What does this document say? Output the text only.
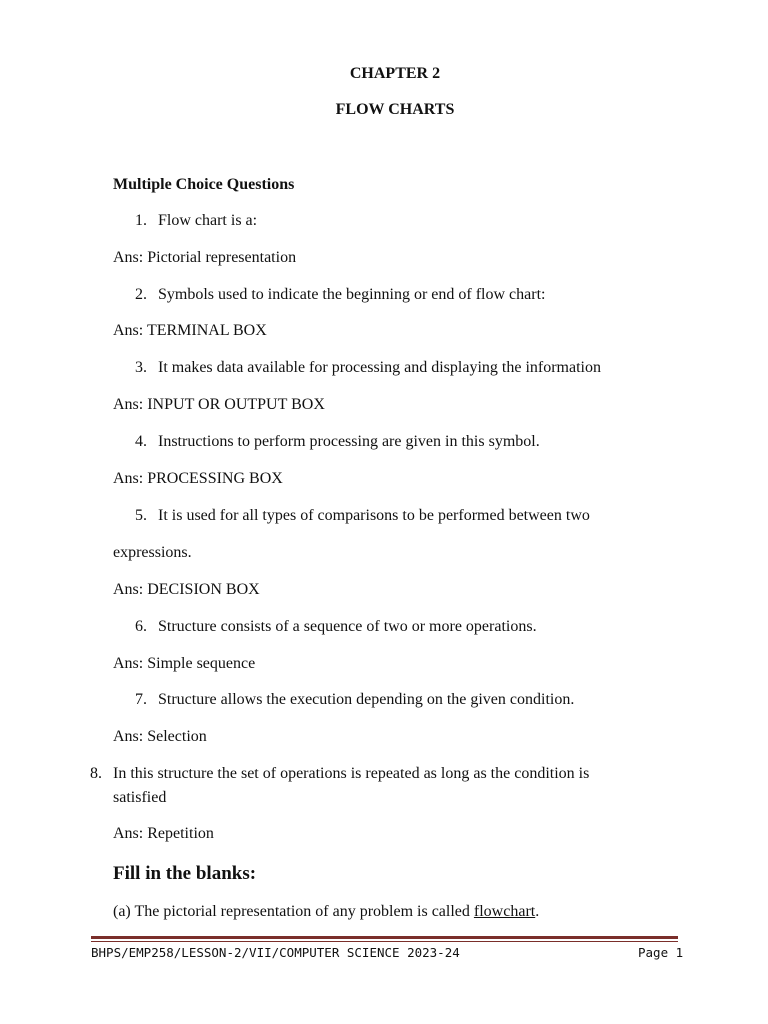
CHAPTER 2
FLOW CHARTS
Multiple Choice Questions
1. Flow chart is a:
Ans: Pictorial representation
2. Symbols used to indicate the beginning or end of flow chart:
Ans: TERMINAL BOX
3. It makes data available for processing and displaying the information
Ans: INPUT OR OUTPUT BOX
4. Instructions to perform processing are given in this symbol.
Ans: PROCESSING BOX
5. It is used for all types of comparisons to be performed between two
expressions.
Ans: DECISION BOX
6. Structure consists of a sequence of two or more operations.
Ans: Simple sequence
7. Structure allows the execution depending on the given condition.
Ans: Selection
8. In this structure the set of operations is repeated as long as the condition is
satisfied
Ans: Repetition
Fill in the blanks:
(a) The pictorial representation of any problem is called flowchart.
BHPS/EMP258/LESSON-2/VII/COMPUTER SCIENCE 2023-24	Page 1
